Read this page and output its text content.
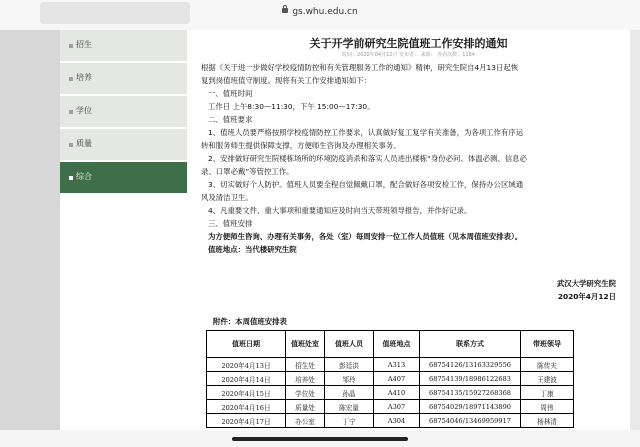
gs.whu.edu.cn
招生
培养
学位
质量
综合
关于开学前研究生院值班工作安排的通知
时间：2020年04月12日 发布者： 来源： 查看次数：1184
根据《关于进一步做好学校疫情防控和有关管理服务工作的通知》精神，研究生院自4月13日起恢
复到岗值班值守制度。现将有关工作安排通知如下：
一、值班时间
工作日 上午8:30—11:30，下午 15:00—17:30。
二、值班要求
1、值班人员要严格按照学校疫情防控工作要求，认真做好复工复学有关准备，为各项工作有序运
转和服务师生提供保障支撑，方便师生咨询及办理相关事务。
2、安排做好研究生院楼栋场所的环境防疫消杀和落实人员进出楼栋“身份必问、体温必测、信息必
录、口罩必戴”等管控工作。
3、切实做好个人防护。值班人员要全程自觉佩戴口罩，配合做好各项安检工作，保持办公区域通
风及清洁卫生。
4、凡重要文件、重大事项和重要通知应及时向当天带班领导报告，并作好记录。
三、值班安排
为方便师生咨询、办理有关事务，各处（室）每周安排一位工作人员值班（见本周值班安排表）。
值班地点：当代楼研究生院
武汉大学研究生院
2020年4月12日
附件：本周值班安排表
值班日期	值班处室	值班人员	值班地点	联系方式	带班领导
2020年4月13日	招生处	彭廷洪	A313	68754126/13163329556	陈传夫
2020年4月14日	培养处	邹玲	A407	68754139/18986122683	王建波
2020年4月15日	学位处	孙晶	A410	68754135/15927268368	丁康
2020年4月16日	质量处	陈宏量	A307	68754029/18971143890	周伟
2020年4月17日	办公室	丁宁	A304	68754046/13469959917	杨林清
